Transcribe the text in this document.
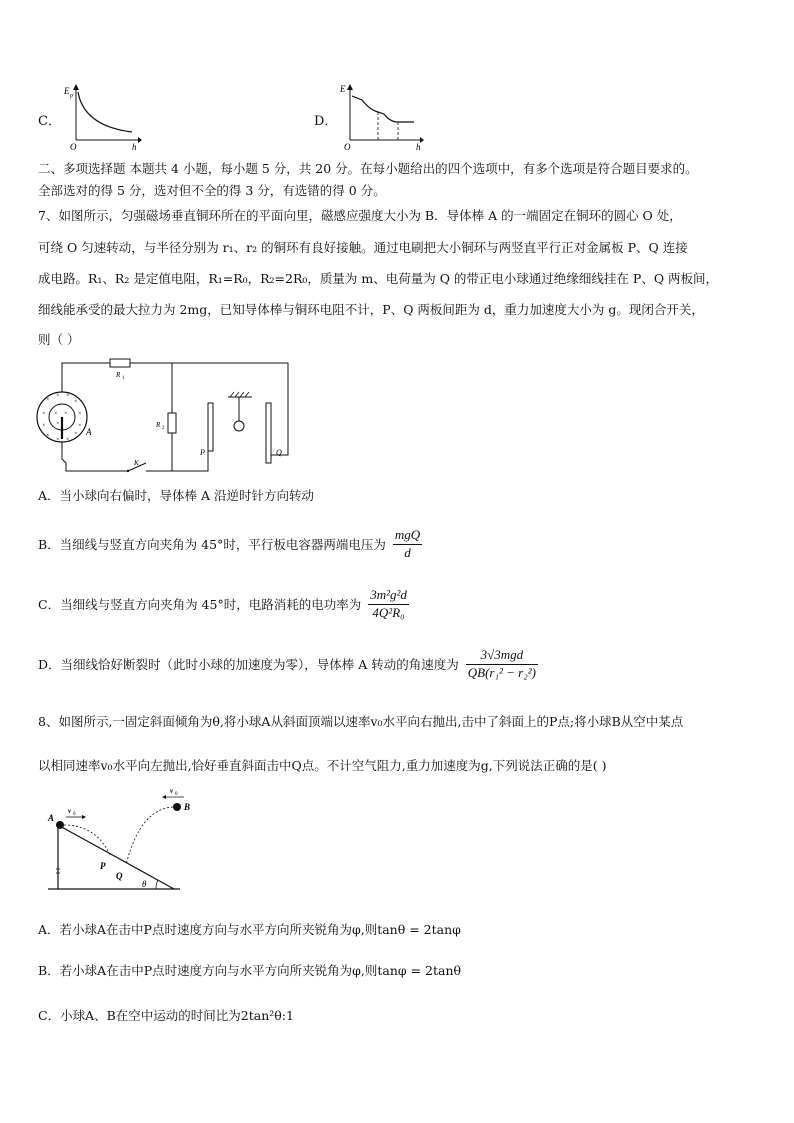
C．
E p
O	h
D．
E
O	h
二、多项选择题 本题共 4 小题，每小题 5 分，共 20 分。在每小题给出的四个选项中，有多个选项是符合题目要求的。
全部选对的得 5 分，选对但不全的得 3 分，有选错的得 0 分。
7、如图所示，匀强磁场垂直铜环所在的平面向里，磁感应强度大小为 B．导体棒 A 的一端固定在铜环的圆心 O 处，
可绕 O 匀速转动，与半径分别为 r₁、r₂ 的铜环有良好接触。通过电刷把大小铜环与两竖直平行正对金属板 P、Q 连接
成电路。R₁、R₂ 是定值电阻，R₁=R₀，R₂=2R₀，质量为 m、电荷量为 Q 的带正电小球通过绝缘细线挂在 P、Q 两板间，
细线能承受的最大拉力为 2mg，已知导体棒与铜环电阻不计，P、Q 两板间距为 d，重力加速度大小为 g。现闭合开关，
则（ ）
×
× ×
×
×	×
×	×
×
× ×
×
× ×
×
A
R 1
R 2
K
P	Q
A．当小球向右偏时，导体棒 A 沿逆时针方向转动
B．当细线与竖直方向夹角为 45°时，平行板电容器两端电压为 $\frac{\text{mgQ}}{d}$
C．当细线与竖直方向夹角为 45°时，电路消耗的电功率为 $\frac{\text{3m²g²d}}{\text{4Q²R₀}}$
D．当细线恰好断裂时（此时小球的加速度为零），导体棒 A 转动的角速度为 $\frac{\text{3√3mgd}}{\text{QB(r₁² − r₂²)}}$
8、如图所示,一固定斜面倾角为θ,将小球A从斜面顶端以速率v₀水平向右抛出,击中了斜面上的P点;将小球B从空中某点
以相同速率v₀水平向左抛出,恰好垂直斜面击中Q点。不计空气阻力,重力加速度为g,下列说法正确的是( )
θ
A
v 0
P
B
v 0
Q
A．若小球A在击中P点时速度方向与水平方向所夹锐角为φ,则tanθ = 2tanφ
B．若小球A在击中P点时速度方向与水平方向所夹锐角为φ,则tanφ = 2tanθ
C．小球A、B在空中运动的时间比为2tan²θ:1
